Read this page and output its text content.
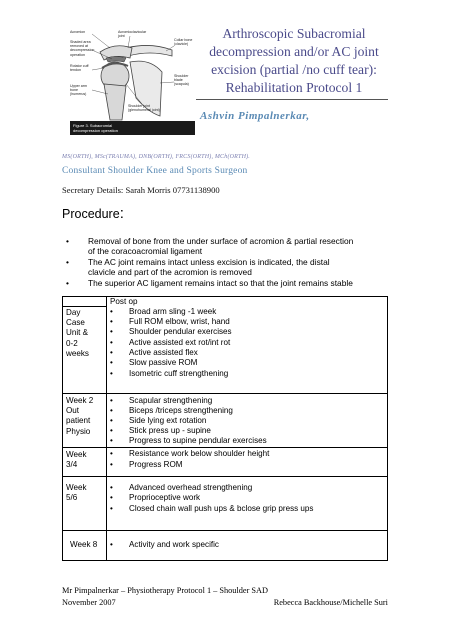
Acromion	Acromioclavicular joint
Shaded area removed at decompression operation
Rotator cuff tendon
Upper arm bone (humerus)
Collar bone (clavicle)
Shoulder blade (scapula)
Shoulder joint (glenohumeral joint)
Figure 3. Subacromial
decompression operation
Arthroscopic Subacromial
decompression and/or AC joint
excision (partial /no cuff tear):
Rehabilitation Protocol 1
Ashvin Pimpalnerkar,
MS(ORTH), MSc(TRAUMA), DNB(ORTH), FRCS(ORTH), MCh(ORTH).
Consultant Shoulder Knee and Sports Surgeon
Secretary Details: Sarah Morris 07731138900
Procedure:
• Removal of bone from the under surface of acromion & partial resection
of the coracoacromial ligament
• The AC joint remains intact unless excision is indicated, the distal
clavicle and part of the acromion is removed
• The superior AC ligament remains intact so that the joint remains stable
Post op
Day
Case
Unit &
0-2
weeks
• Broad arm sling -1 week
• Full ROM elbow, wrist, hand
• Shoulder pendular exercises
• Active assisted ext rot/int rot
• Active assisted flex
• Slow passive ROM
• Isometric cuff strengthening
Week 2
Out
patient
Physio
• Scapular strengthening
• Biceps /triceps strengthening
• Side lying ext rotation
• Stick press up - supine
• Progress to supine pendular exercises
Week
3/4
• Resistance work below shoulder height
• Progress ROM
Week
5/6
• Advanced overhead strengthening
• Proprioceptive work
• Closed chain wall push ups & bclose grip press ups
Week 8 • Activity and work specific
Mr Pimpalnerkar – Physiotherapy Protocol 1 – Shoulder SAD
November 2007	Rebecca Backhouse/Michelle Suri
